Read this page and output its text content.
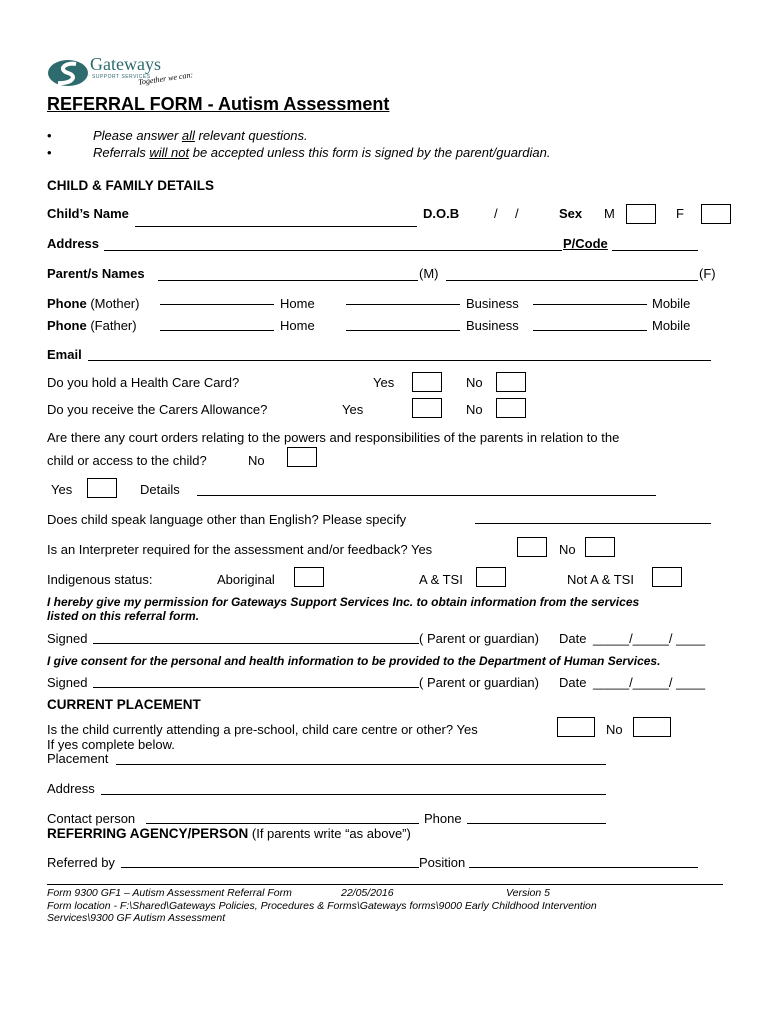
Gateways
SUPPORT SERVICES
Together we can:
REFERRAL FORM - Autism Assessment
•	Please answer all relevant questions.
•	Referrals will not be accepted unless this form is signed by the parent/guardian.
CHILD & FAMILY DETAILS
Child’s Name	D.O.B	/ /	Sex M	F
Address	P/Code
Parent/s Names	(M)	(F)
Phone (Mother)	Home	Business	Mobile
Phone (Father)	Home	Business	Mobile
Email
Do you hold a Health Care Card?	Yes	No
Do you receive the Carers Allowance?	Yes	No
Are there any court orders relating to the powers and responsibilities of the parents in relation to the
child or access to the child?	No
Yes	Details
Does child speak language other than English? Please specify
Is an Interpreter required for the assessment and/or feedback? Yes	No
Indigenous status:	Aboriginal	A & TSI	Not A & TSI
I hereby give my permission for Gateways Support Services Inc. to obtain information from the services
listed on this referral form.
Signed	( Parent or guardian) Date _____/_____/ ____
I give consent for the personal and health information to be provided to the Department of Human Services.
Signed	( Parent or guardian) Date _____/_____/ ____
CURRENT PLACEMENT
Is the child currently attending a pre-school, child care centre or other? Yes	No
If yes complete below.
Placement
Address
Contact person	Phone
REFERRING AGENCY/PERSON (If parents write “as above”)
Referred by	Position
Form 9300 GF1 – Autism Assessment Referral Form	22/05/2016	Version 5
Form location - F:\Shared\Gateways Policies, Procedures & Forms\Gateways forms\9000 Early Childhood Intervention
Services\9300 GF Autism Assessment
